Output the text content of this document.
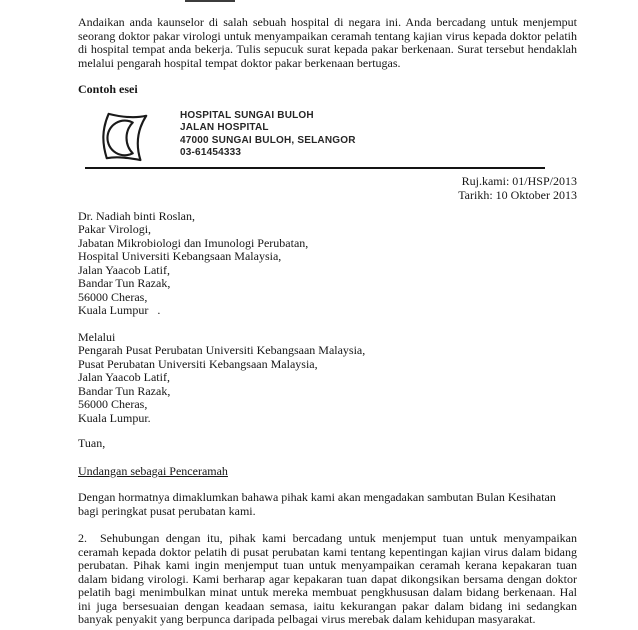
Andaikan anda kaunselor di salah sebuah hospital di negara ini. Anda bercadang untuk menjemput seorang doktor pakar virologi untuk menyampaikan ceramah tentang kajian virus kepada doktor pelatih di hospital tempat anda bekerja. Tulis sepucuk surat kepada pakar berkenaan. Surat tersebut hendaklah melalui pengarah hospital tempat doktor pakar berkenaan bertugas.

Contoh esei
HOSPITAL SUNGAI BULOH
JALAN HOSPITAL
47000 SUNGAI BULOH, SELANGOR
03-61454333
Ruj.kami: 01/HSP/2013
Tarikh: 10 Oktober 2013
Dr. Nadiah binti Roslan,
Pakar Virologi,
Jabatan Mikrobiologi dan Imunologi Perubatan,
Hospital Universiti Kebangsaan Malaysia,
Jalan Yaacob Latif,
Bandar Tun Razak,
56000 Cheras,
Kuala Lumpur   .
Melalui
Pengarah Pusat Perubatan Universiti Kebangsaan Malaysia,
Pusat Perubatan Universiti Kebangsaan Malaysia,
Jalan Yaacob Latif,
Bandar Tun Razak,
56000 Cheras,
Kuala Lumpur.
Tuan,
Undangan sebagai Penceramah

Dengan hormatnya dimaklumkan bahawa pihak kami akan mengadakan sambutan Bulan Kesihatan bagi peringkat pusat perubatan kami.

2. Sehubungan dengan itu, pihak kami bercadang untuk menjemput tuan untuk menyampaikan ceramah kepada doktor pelatih di pusat perubatan kami tentang kepentingan kajian virus dalam bidang perubatan. Pihak kami ingin menjemput tuan untuk menyampaikan ceramah kerana kepakaran tuan dalam bidang virologi. Kami berharap agar kepakaran tuan dapat dikongsikan bersama dengan doktor pelatih bagi menimbulkan minat untuk mereka membuat pengkhususan dalam bidang berkenaan. Hal ini juga bersesuaian dengan keadaan semasa, iaitu kekurangan pakar dalam bidang ini sedangkan banyak penyakit yang berpunca daripada pelbagai virus merebak dalam kehidupan masyarakat.
